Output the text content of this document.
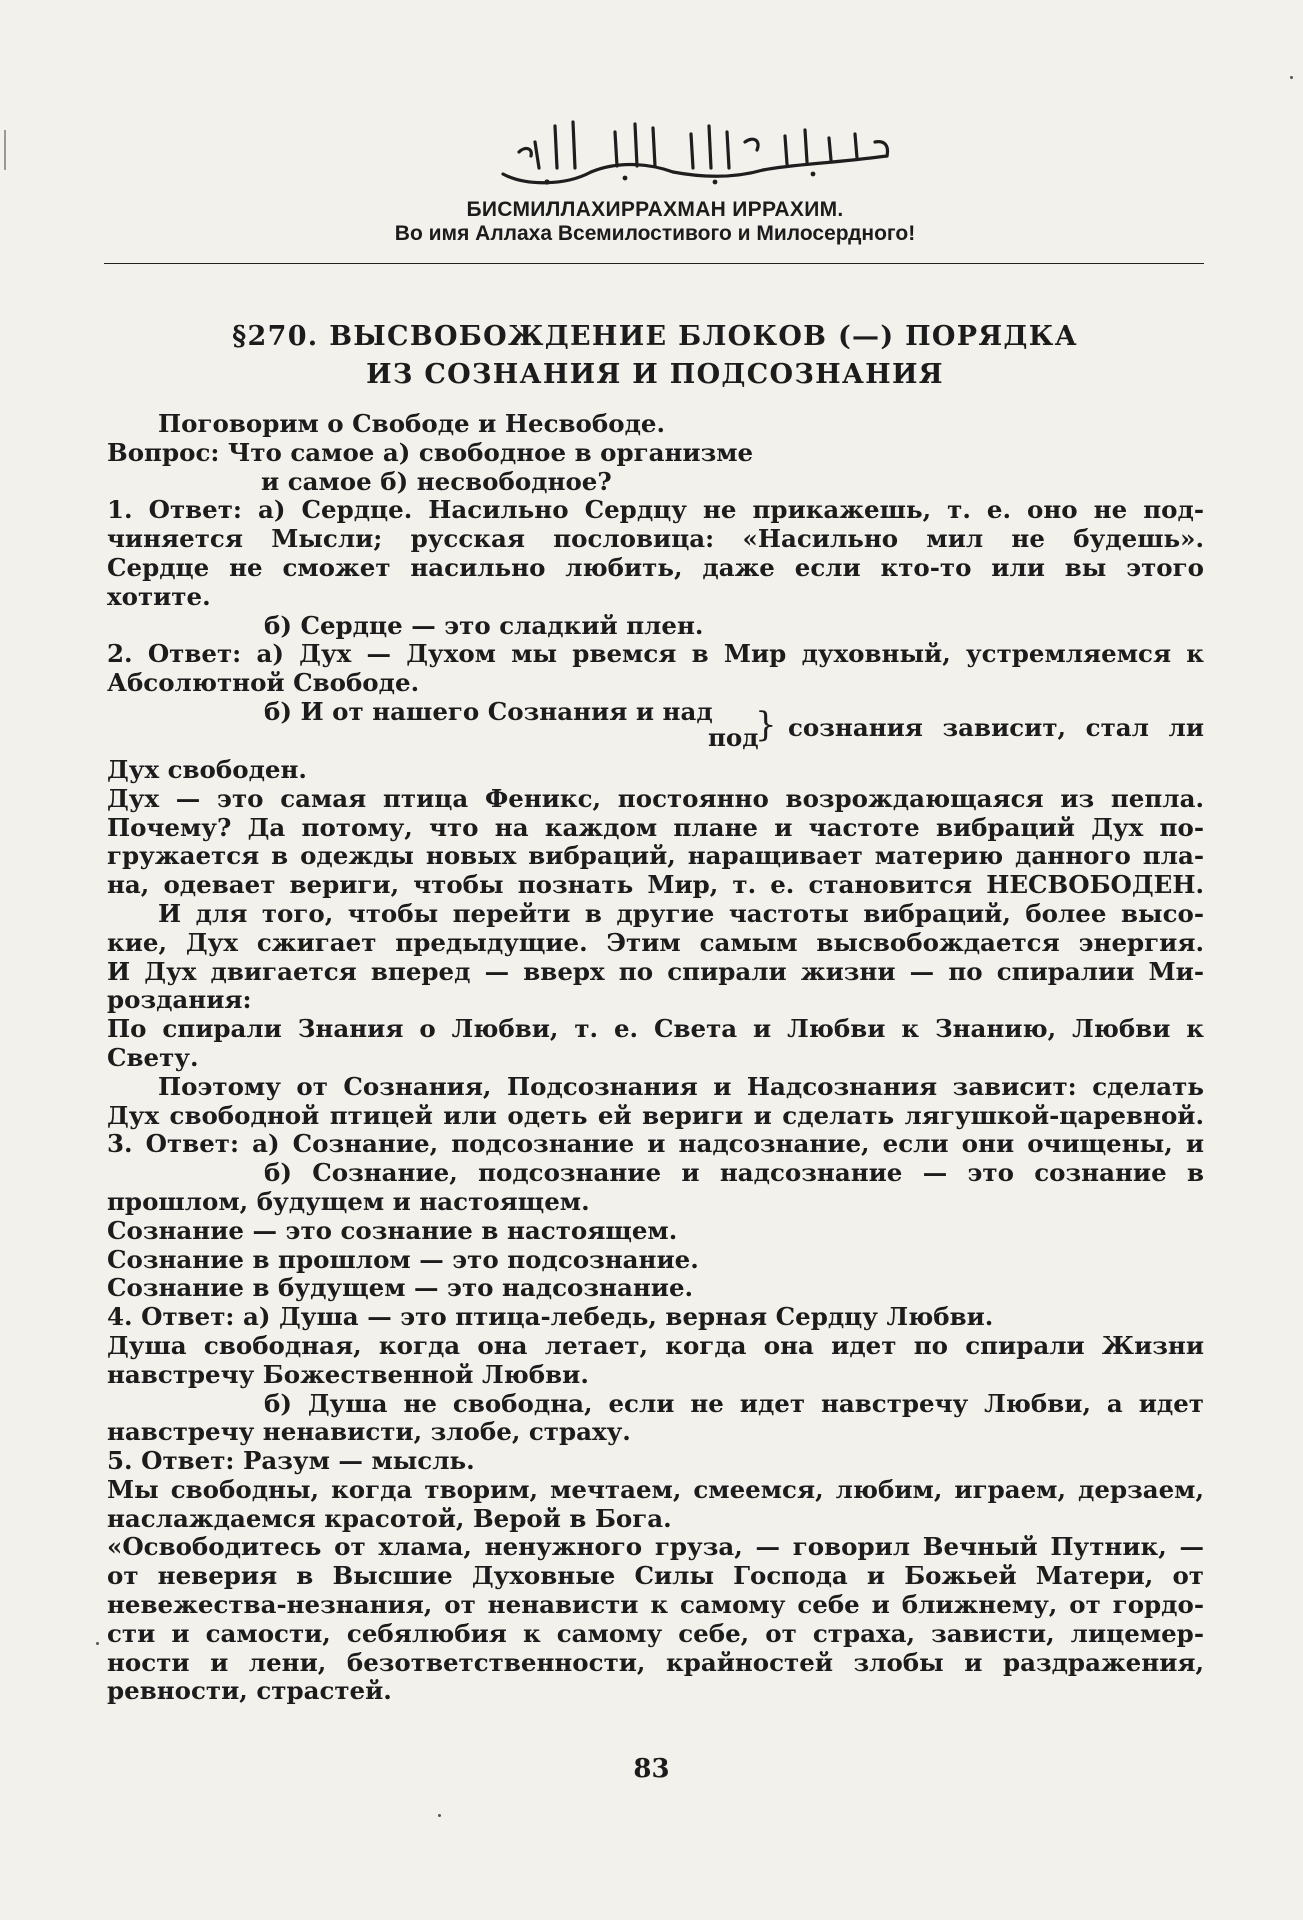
БИСМИЛЛАХИРРАХМАН ИРРАХИМ.
Во имя Аллаха Всемилостивого и Милосердного!
§270. ВЫСВОБОЖДЕНИЕ БЛОКОВ (—) ПОРЯДКА
ИЗ СОЗНАНИЯ И ПОДСОЗНАНИЯ
Поговорим о Свободе и Несвободе.
Вопрос: Что самое а) свободное в организме
и самое б) несвободное?
1. Ответ: а) Сердце. Насильно Сердцу не прикажешь, т. е. оно не под-
чиняется Мысли; русская пословица: «Насильно мил не будешь».
Сердце не сможет насильно любить, даже если кто-то или вы этого
хотите.
б) Сердце — это сладкий плен.
2. Ответ: а) Дух — Духом мы рвемся в Мир духовный, устремляемся к
Абсолютной Свободе.
б) И от нашего Сознания и над
под
} сознания зависит, стал ли
Дух свободен.
Дух — это самая птица Феникс, постоянно возрождающаяся из пепла.
Почему? Да потому, что на каждом плане и частоте вибраций Дух по-
гружается в одежды новых вибраций, наращивает материю данного пла-
на, одевает вериги, чтобы познать Мир, т. е. становится НЕСВОБОДЕН.
И для того, чтобы перейти в другие частоты вибраций, более высо-
кие, Дух сжигает предыдущие. Этим самым высвобождается энергия.
И Дух двигается вперед — вверх по спирали жизни — по спиралии Ми-
роздания:
По спирали Знания о Любви, т. е. Света и Любви к Знанию, Любви к
Свету.
Поэтому от Сознания, Подсознания и Надсознания зависит: сделать
Дух свободной птицей или одеть ей вериги и сделать лягушкой-царевной.
3. Ответ: а) Сознание, подсознание и надсознание, если они очищены, и
б) Сознание, подсознание и надсознание — это сознание в
прошлом, будущем и настоящем.
Сознание — это сознание в настоящем.
Сознание в прошлом — это подсознание.
Сознание в будущем — это надсознание.
4. Ответ: а) Душа — это птица-лебедь, верная Сердцу Любви.
Душа свободная, когда она летает, когда она идет по спирали Жизни
навстречу Божественной Любви.
б) Душа не свободна, если не идет навстречу Любви, а идет
навстречу ненависти, злобе, страху.
5. Ответ: Разум — мысль.
Мы свободны, когда творим, мечтаем, смеемся, любим, играем, дерзаем,
наслаждаемся красотой, Верой в Бога.
«Освободитесь от хлама, ненужного груза, — говорил Вечный Путник, —
от неверия в Высшие Духовные Силы Господа и Божьей Матери, от
невежества-незнания, от ненависти к самому себе и ближнему, от гордо-
сти и самости, себялюбия к самому себе, от страха, зависти, лицемер-
ности и лени, безответственности, крайностей злобы и раздражения,
ревности, страстей.
83
